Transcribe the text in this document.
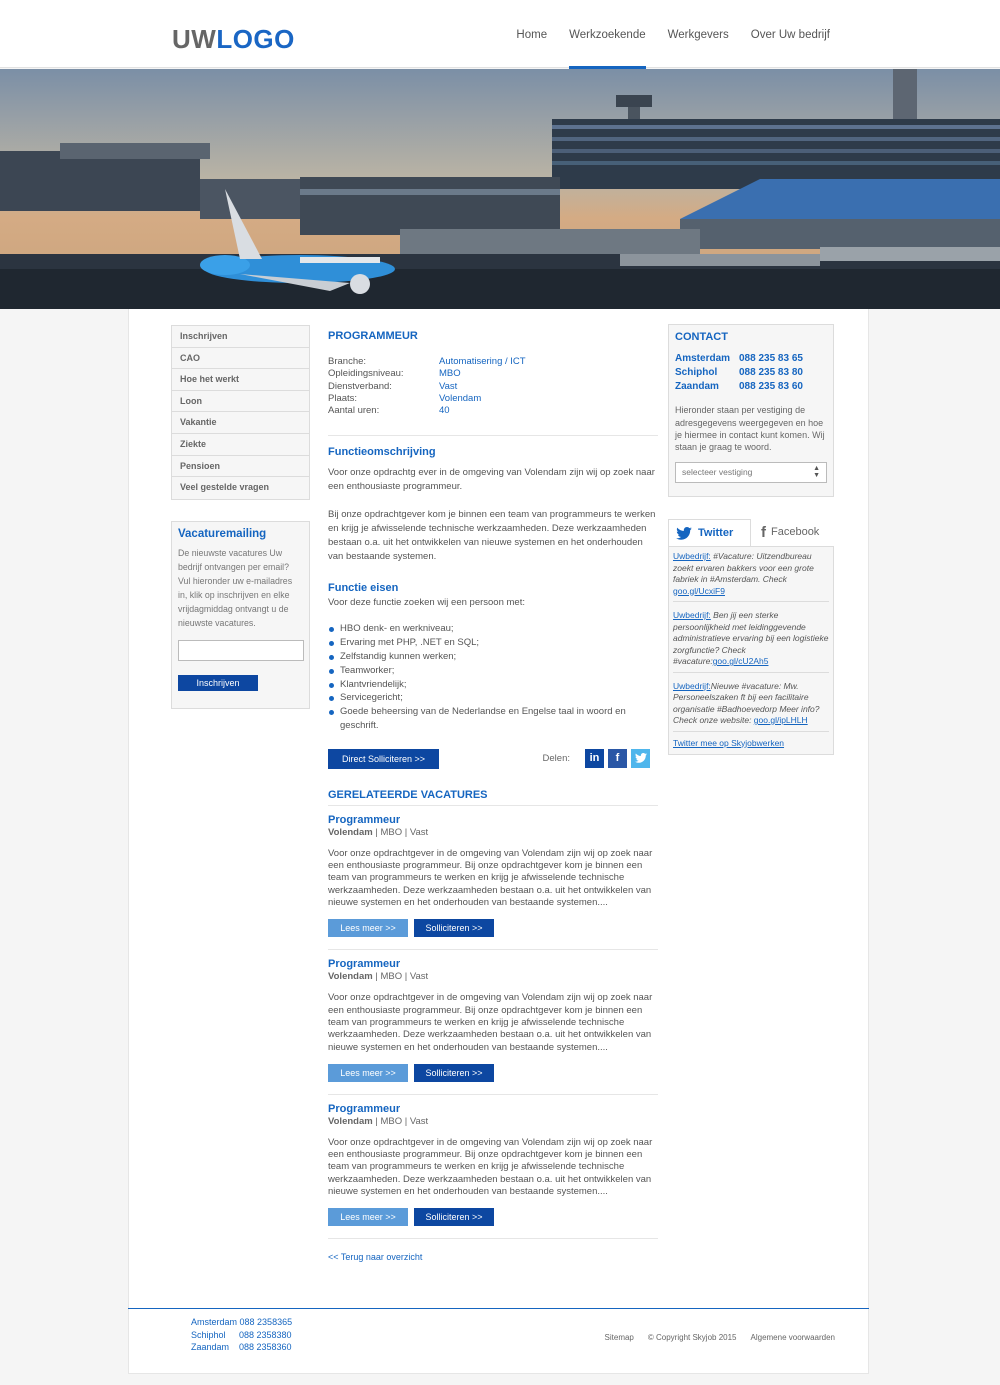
UWLOGO	Home Werkzoekende Werkgevers Over Uw bedrijf
Inschrijven
CAO
Hoe het werkt
Loon
Vakantie
Ziekte
Pensioen
Veel gestelde vragen
Vacaturemailing

De nieuwste vacatures Uw bedrijf ontvangen per email? Vul hieronder uw e-mailadres in, klik op inschrijven en elke vrijdagmiddag ontvangt u de nieuwste vacatures.

Inschrijven
PROGRAMMEUR
Branche:	Automatisering / ICT
Opleidingsniveau:	MBO
Dienstverband:	Vast
Plaats:	Volendam
Aantal uren:	40
Functieomschrijving
Voor onze opdrachtg ever in de omgeving van Volendam zijn wij op zoek naar een enthousiaste programmeur.
Bij onze opdrachtgever kom je binnen een team van programmeurs te werken en krijg je afwisselende technische werkzaamheden. Deze werkzaamheden bestaan o.a. uit het ontwikkelen van nieuwe systemen en het onderhouden van bestaande systemen.
Functie eisen
Voor deze functie zoeken wij een persoon met:
HBO denk- en werkniveau;
Ervaring met PHP, .NET en SQL;
Zelfstandig kunnen werken;
Teamworker;
Klantvriendelijk;
Servicegericht;
Goede beheersing van de Nederlandse en Engelse taal in woord en geschrift.
Direct Solliciteren >>	Delen:	in	f
GERELATEERDE VACATURES
Programmeur
Volendam | MBO | Vast
Voor onze opdrachtgever in de omgeving van Volendam zijn wij op zoek naar een enthousiaste programmeur. Bij onze opdrachtgever kom je binnen een team van programmeurs te werken en krijg je afwisselende technische werkzaamheden. Deze werkzaamheden bestaan o.a. uit het ontwikkelen van nieuwe systemen en het onderhouden van bestaande systemen....
Lees meer >>	Solliciteren >>
Programmeur
Volendam | MBO | Vast
Voor onze opdrachtgever in de omgeving van Volendam zijn wij op zoek naar een enthousiaste programmeur. Bij onze opdrachtgever kom je binnen een team van programmeurs te werken en krijg je afwisselende technische werkzaamheden. Deze werkzaamheden bestaan o.a. uit het ontwikkelen van nieuwe systemen en het onderhouden van bestaande systemen....
Lees meer >>	Solliciteren >>
Programmeur
Volendam | MBO | Vast
Voor onze opdrachtgever in de omgeving van Volendam zijn wij op zoek naar een enthousiaste programmeur. Bij onze opdrachtgever kom je binnen een team van programmeurs te werken en krijg je afwisselende technische werkzaamheden. Deze werkzaamheden bestaan o.a. uit het ontwikkelen van nieuwe systemen en het onderhouden van bestaande systemen....
Lees meer >>	Solliciteren >>
<< Terug naar overzicht
CONTACT
Amsterdam 088 235 83 65
Schiphol	088 235 83 80
Zaandam	088 235 83 60

Hieronder staan per vestiging de adresgegevens weergegeven en hoe je hiermee in contact kunt komen. Wij staan je graag te woord.

selecteer vestiging	▲
▼
Twitter f Facebook
Uwbedrijf: #Vacature: Uitzendbureau zoekt ervaren bakkers voor een grote fabriek in #Amsterdam. Check goo.gl/UcxiF9
Uwbedrijf: Ben jij een sterke persoonlijkheid met leidinggevende administratieve ervaring bij een logistieke zorgfunctie? Check #vacature:goo.gl/cU2Ah5
Uwbedrijf:Nieuwe #vacature: Mw. Personeelszaken ft bij een facilitaire organisatie #Badhoevedorp Meer info? Check onze website: goo.gl/ipLHLH
Twitter mee op Skyjobwerken
Amsterdam
088 2358365
Schiphol	088 2358380
Zaandam	088 2358360
Sitemap © Copyright Skyjob 2015 Algemene voorwaarden
